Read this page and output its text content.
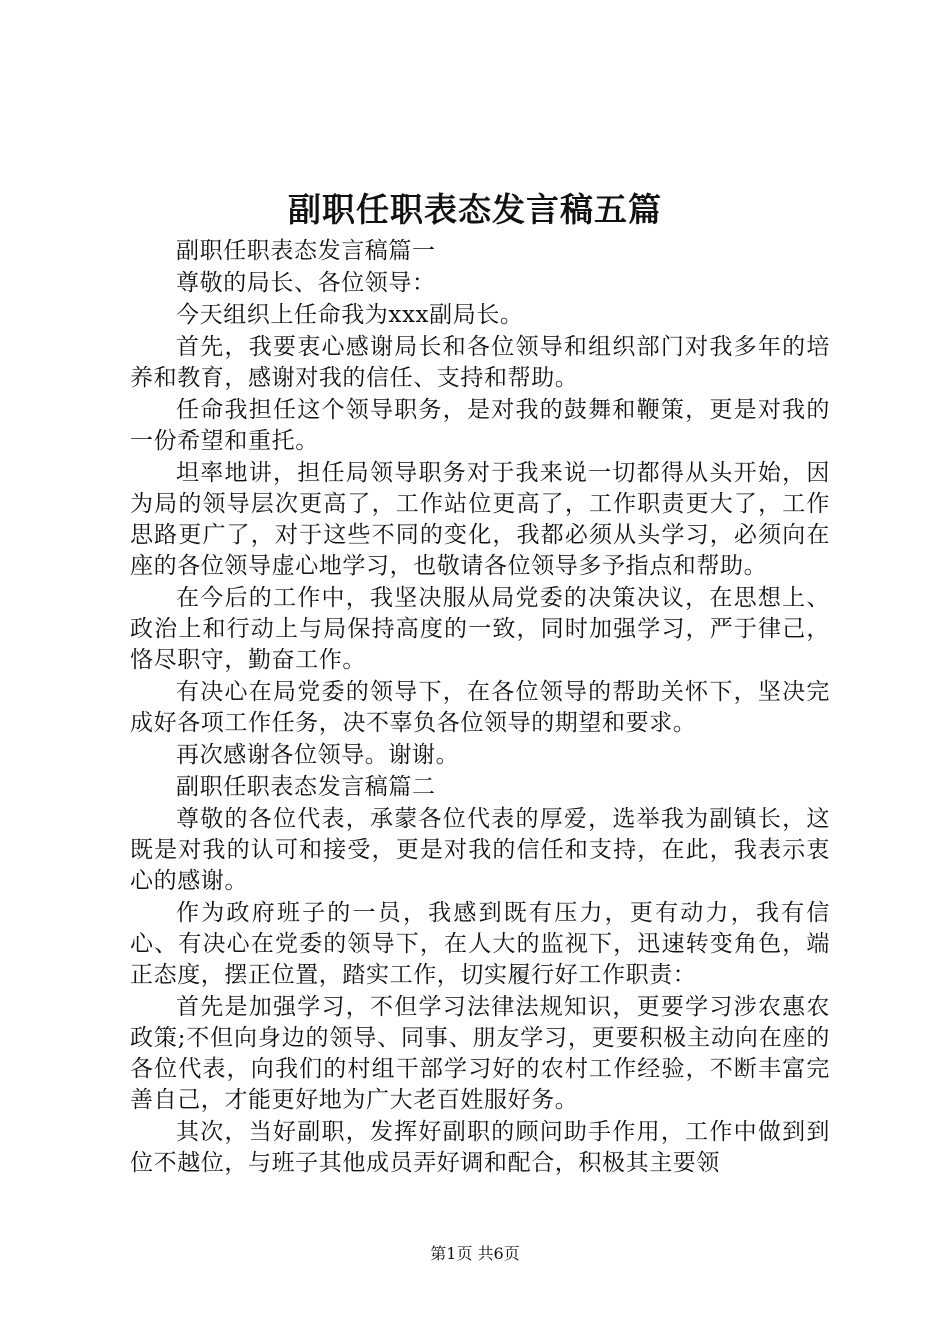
副职任职表态发言稿五篇

副职任职表态发言稿篇一

尊敬的局长、各位领导：

今天组织上任命我为xxx副局长。

首先，我要衷心感谢局长和各位领导和组织部门对我多年的培养和教育，感谢对我的信任、支持和帮助。

任命我担任这个领导职务，是对我的鼓舞和鞭策，更是对我的一份希望和重托。

坦率地讲，担任局领导职务对于我来说一切都得从头开始，因为局的领导层次更高了，工作站位更高了，工作职责更大了，工作思路更广了，对于这些不同的变化，我都必须从头学习，必须向在座的各位领导虚心地学习，也敬请各位领导多予指点和帮助。

在今后的工作中，我坚决服从局党委的决策决议，在思想上、政治上和行动上与局保持高度的一致，同时加强学习，严于律己，恪尽职守，勤奋工作。

有决心在局党委的领导下，在各位领导的帮助关怀下，坚决完成好各项工作任务，决不辜负各位领导的期望和要求。

再次感谢各位领导。谢谢。

副职任职表态发言稿篇二

尊敬的各位代表，承蒙各位代表的厚爱，选举我为副镇长，这既是对我的认可和接受，更是对我的信任和支持，在此，我表示衷心的感谢。

作为政府班子的一员，我感到既有压力，更有动力，我有信心、有决心在党委的领导下，在人大的监视下，迅速转变角色，端正态度，摆正位置，踏实工作，切实履行好工作职责：

首先是加强学习，不但学习法律法规知识，更要学习涉农惠农政策;不但向身边的领导、同事、朋友学习，更要积极主动向在座的各位代表，向我们的村组干部学习好的农村工作经验，不断丰富完善自己，才能更好地为广大老百姓服好务。

其次，当好副职，发挥好副职的顾问助手作用，工作中做到到位不越位，与班子其他成员弄好调和配合，积极其主要领

第1页 共6页
